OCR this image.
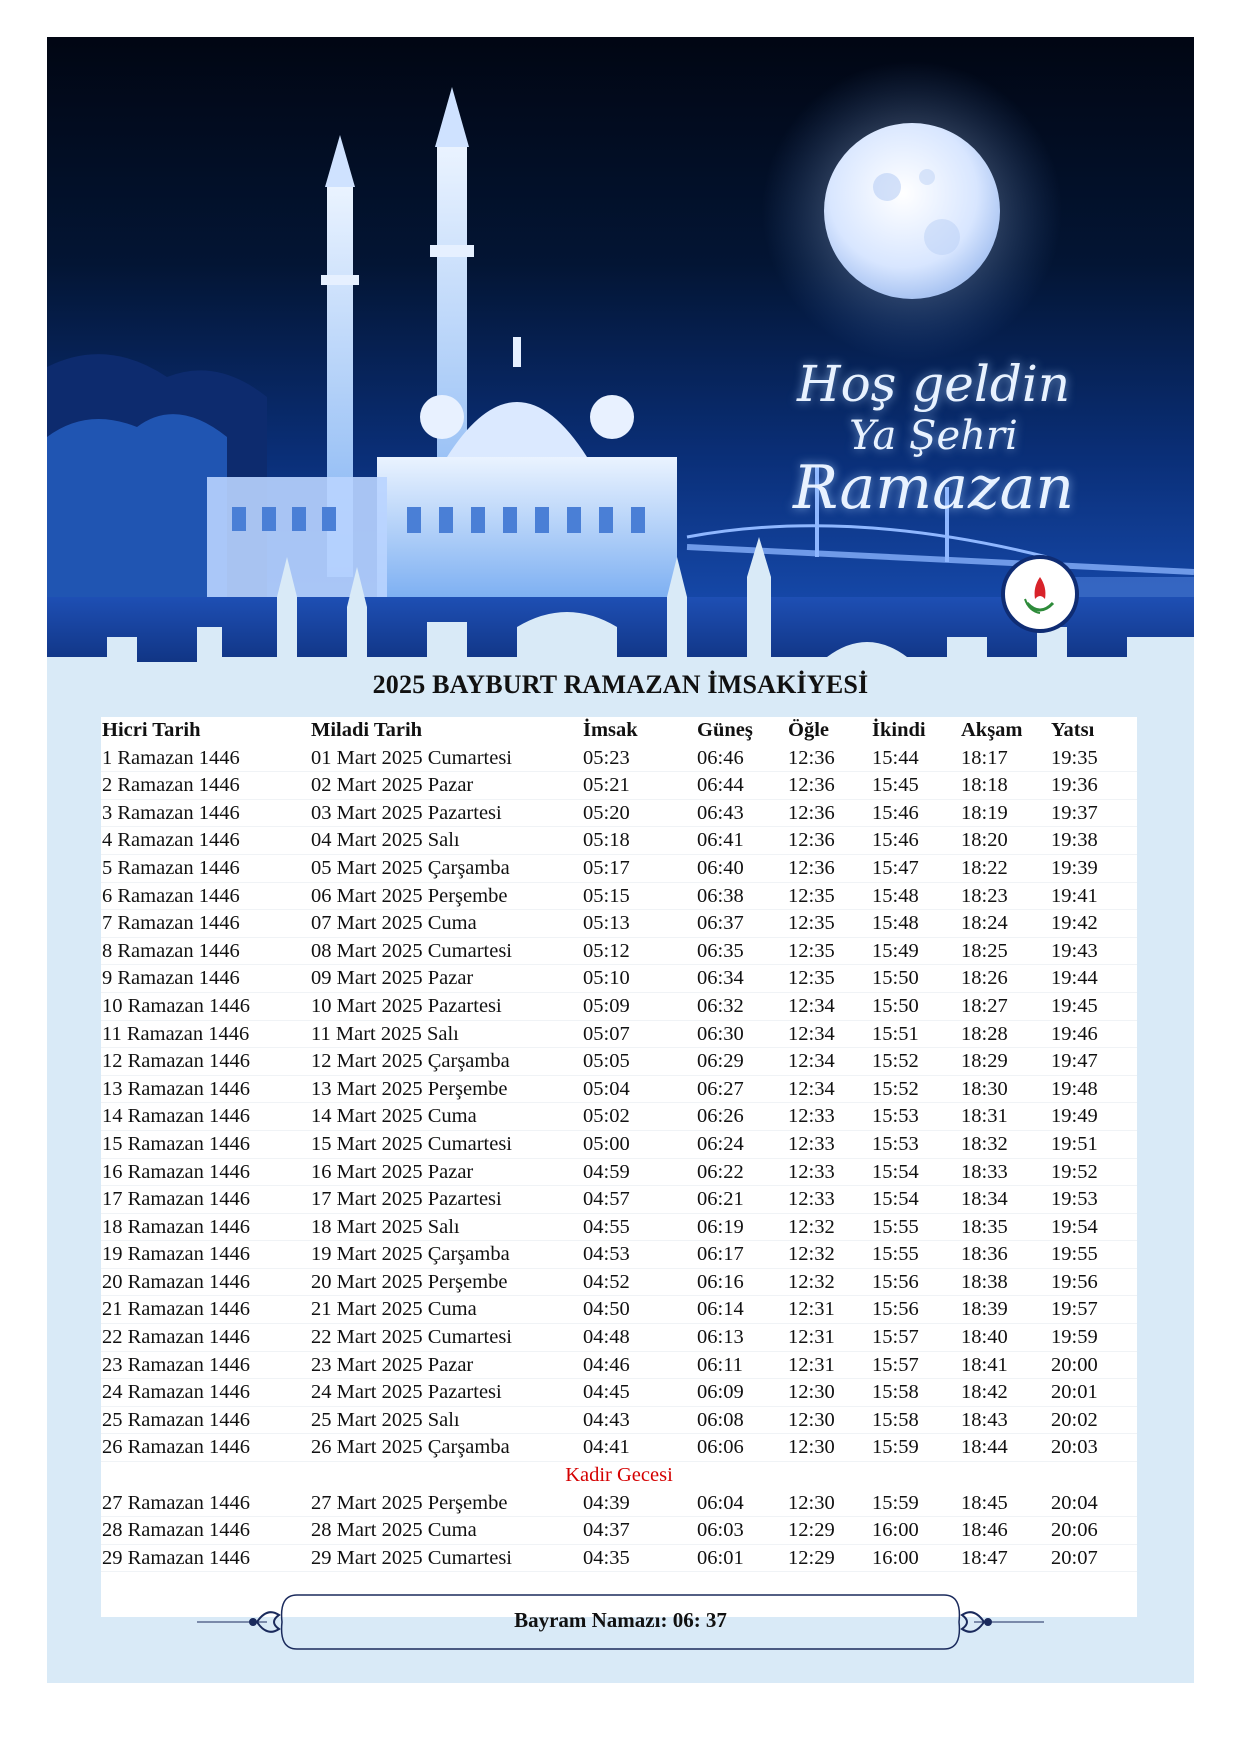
Hoş geldin
Ya Şehri
Ramazan
2025 BAYBURT RAMAZAN İMSAKİYESİ
Hicri Tarih	Miladi Tarih	İmsak	Güneş Öğle İkindi Akşam Yatsı
1 Ramazan 1446	01 Mart 2025 Cumartesi	05:23	06:46 12:36 15:44 18:17 19:35
2 Ramazan 1446	02 Mart 2025 Pazar	05:21	06:44 12:36 15:45 18:18 19:36
3 Ramazan 1446	03 Mart 2025 Pazartesi	05:20	06:43 12:36 15:46 18:19 19:37
4 Ramazan 1446	04 Mart 2025 Salı	05:18	06:41 12:36 15:46 18:20 19:38
5 Ramazan 1446	05 Mart 2025 Çarşamba	05:17	06:40 12:36 15:47 18:22 19:39
6 Ramazan 1446	06 Mart 2025 Perşembe	05:15	06:38 12:35 15:48 18:23 19:41
7 Ramazan 1446	07 Mart 2025 Cuma	05:13	06:37 12:35 15:48 18:24 19:42
8 Ramazan 1446	08 Mart 2025 Cumartesi	05:12	06:35 12:35 15:49 18:25 19:43
9 Ramazan 1446	09 Mart 2025 Pazar	05:10	06:34 12:35 15:50 18:26 19:44
10 Ramazan 1446	10 Mart 2025 Pazartesi	05:09	06:32 12:34 15:50 18:27 19:45
11 Ramazan 1446	11 Mart 2025 Salı	05:07	06:30 12:34 15:51 18:28 19:46
12 Ramazan 1446	12 Mart 2025 Çarşamba	05:05	06:29 12:34 15:52 18:29 19:47
13 Ramazan 1446	13 Mart 2025 Perşembe	05:04	06:27 12:34 15:52 18:30 19:48
14 Ramazan 1446	14 Mart 2025 Cuma	05:02	06:26 12:33 15:53 18:31 19:49
15 Ramazan 1446	15 Mart 2025 Cumartesi	05:00	06:24 12:33 15:53 18:32 19:51
16 Ramazan 1446	16 Mart 2025 Pazar	04:59	06:22 12:33 15:54 18:33 19:52
17 Ramazan 1446	17 Mart 2025 Pazartesi	04:57	06:21 12:33 15:54 18:34 19:53
18 Ramazan 1446	18 Mart 2025 Salı	04:55	06:19 12:32 15:55 18:35 19:54
19 Ramazan 1446	19 Mart 2025 Çarşamba	04:53	06:17 12:32 15:55 18:36 19:55
20 Ramazan 1446	20 Mart 2025 Perşembe	04:52	06:16 12:32 15:56 18:38 19:56
21 Ramazan 1446	21 Mart 2025 Cuma	04:50	06:14 12:31 15:56 18:39 19:57
22 Ramazan 1446	22 Mart 2025 Cumartesi	04:48	06:13 12:31 15:57 18:40 19:59
23 Ramazan 1446	23 Mart 2025 Pazar	04:46	06:11 12:31 15:57 18:41 20:00
24 Ramazan 1446	24 Mart 2025 Pazartesi	04:45	06:09 12:30 15:58 18:42 20:01
25 Ramazan 1446	25 Mart 2025 Salı	04:43	06:08 12:30 15:58 18:43 20:02
26 Ramazan 1446	26 Mart 2025 Çarşamba	04:41	06:06 12:30 15:59 18:44 20:03
Kadir Gecesi
27 Ramazan 1446	27 Mart 2025 Perşembe	04:39	06:04 12:30 15:59 18:45 20:04
28 Ramazan 1446	28 Mart 2025 Cuma	04:37	06:03 12:29 16:00 18:46 20:06
29 Ramazan 1446	29 Mart 2025 Cumartesi	04:35	06:01 12:29 16:00 18:47 20:07
Bayram Namazı: 06: 37
